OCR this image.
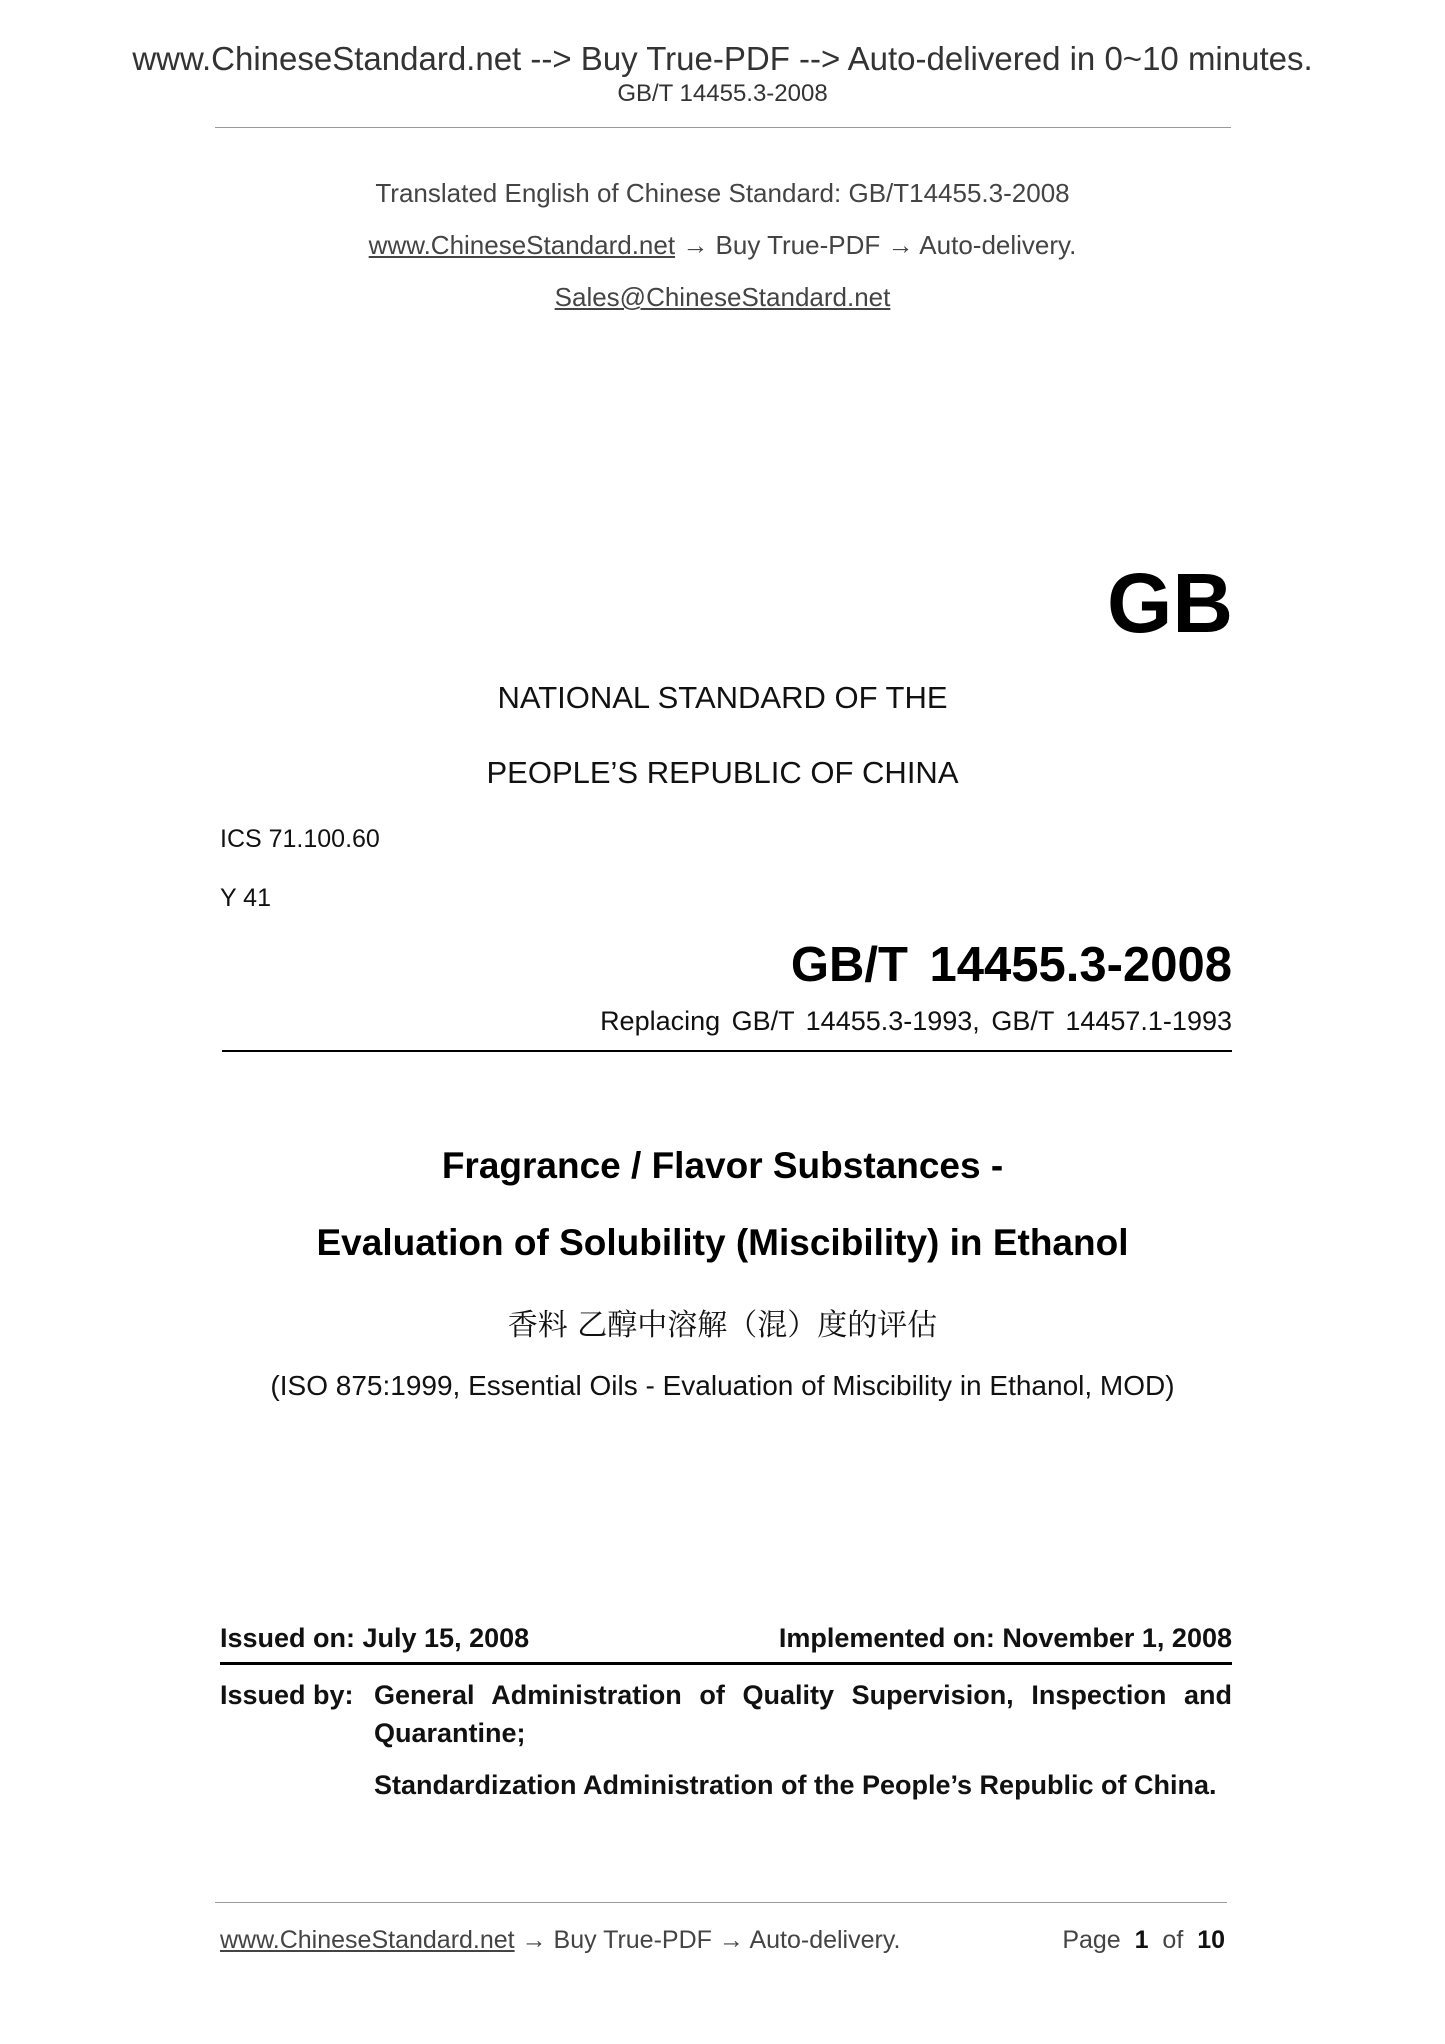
www.ChineseStandard.net --> Buy True-PDF --> Auto-delivered in 0~10 minutes.
GB/T 14455.3-2008
Translated English of Chinese Standard: GB/T14455.3-2008
www.ChineseStandard.net → Buy True-PDF → Auto-delivery.
Sales@ChineseStandard.net
GB
NATIONAL STANDARD OF THE
PEOPLE’S REPUBLIC OF CHINA
ICS 71.100.60
Y 41
GB/T 14455.3-2008
Replacing GB/T 14455.3-1993, GB/T 14457.1-1993
Fragrance / Flavor Substances -
Evaluation of Solubility (Miscibility) in Ethanol
香料 乙醇中溶解（混）度的评估
(ISO 875:1999, Essential Oils - Evaluation of Miscibility in Ethanol, MOD)
Issued on: July 15, 2008	Implemented on: November 1, 2008
Issued by: General Administration of Quality Supervision, Inspection and Quarantine;

Standardization Administration of the People’s Republic of China.

www.ChineseStandard.net → Buy True-PDF → Auto-delivery.	Page 1 of 10
